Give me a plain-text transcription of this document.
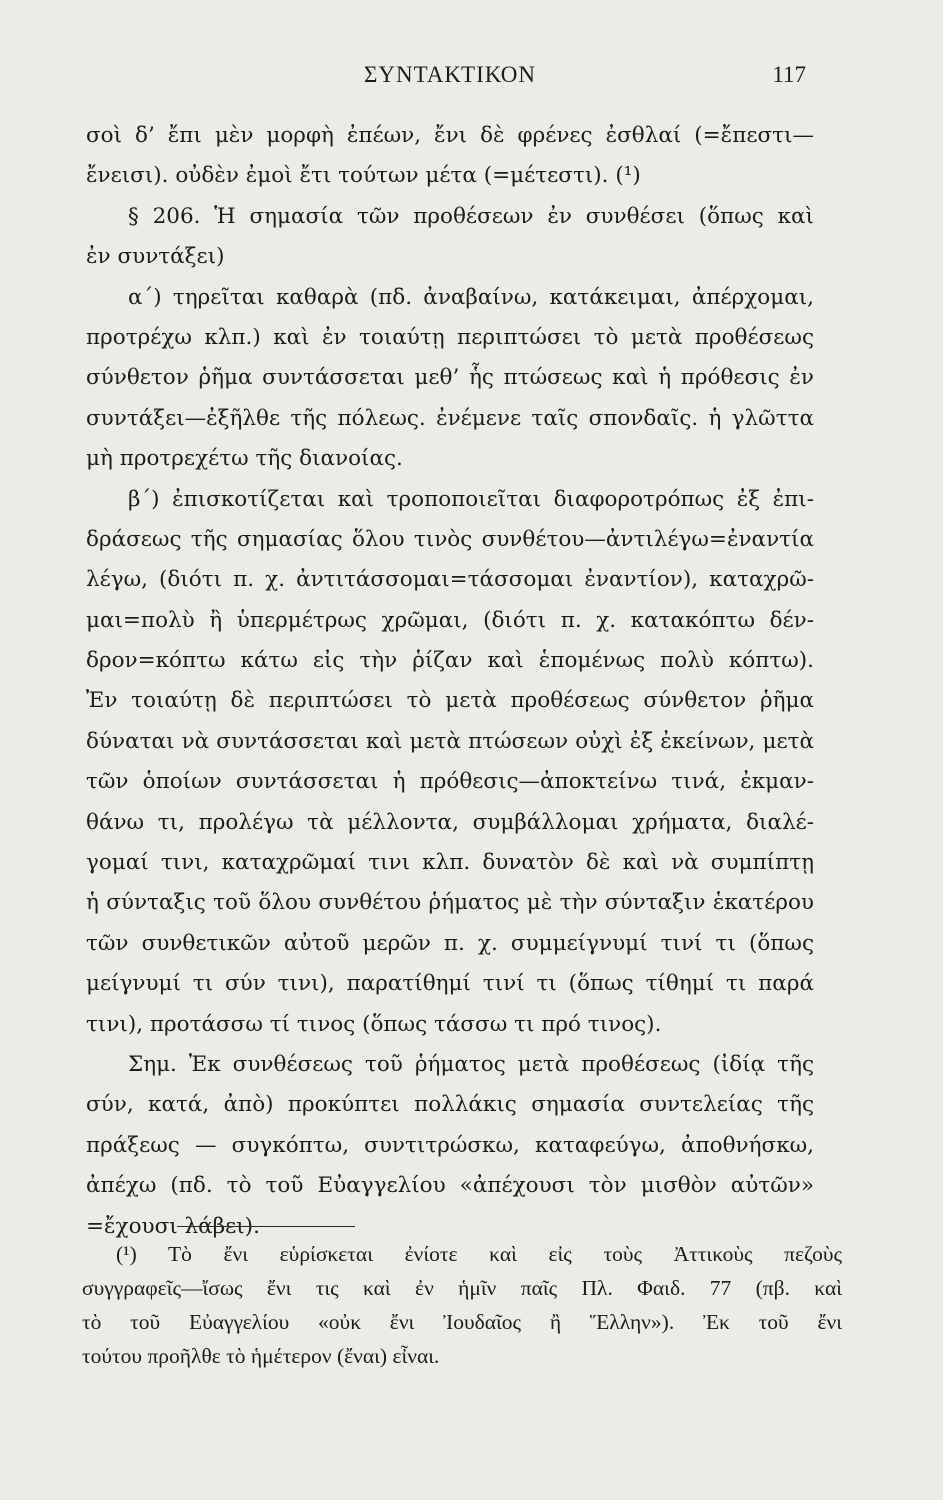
ΣΥΝΤΑΚΤΙΚΟΝ	117
σοὶ δ’ ἔπι μὲν μορφὴ ἐπέων, ἔνι δὲ φρένες ἐσθλαί (=ἔπεστι—
ἔνεισι). οὐδὲν ἐμοὶ ἔτι τούτων μέτα (=μέτεστι). (¹)
§ 206. Ἡ σημασία τῶν προθέσεων ἐν συνθέσει (ὅπως καὶ
ἐν συντάξει)
α΄) τηρεῖται καθαρὰ (πδ. ἀναβαίνω, κατάκειμαι, ἀπέρχομαι,
προτρέχω κλπ.) καὶ ἐν τοιαύτῃ περιπτώσει τὸ μετὰ προθέσεως
σύνθετον ῥῆμα συντάσσεται μεθ’ ἧς πτώσεως καὶ ἡ πρόθεσις ἐν
συντάξει—ἐξῆλθε τῆς πόλεως. ἐνέμενε ταῖς σπονδαῖς. ἡ γλῶττα
μὴ προτρεχέτω τῆς διανοίας.
β΄) ἐπισκοτίζεται καὶ τροποποιεῖται διαφοροτρόπως ἐξ ἐπι-
δράσεως τῆς σημασίας ὅλου τινὸς συνθέτου—ἀντιλέγω=ἐναντία
λέγω, (διότι π. χ. ἀντιτάσσομαι=τάσσομαι ἐναντίον), καταχρῶ-
μαι=πολὺ ἢ ὑπερμέτρως χρῶμαι, (διότι π. χ. κατακόπτω δέν-
δρον=κόπτω κάτω εἰς τὴν ῥίζαν καὶ ἑπομένως πολὺ κόπτω).
Ἐν τοιαύτῃ δὲ περιπτώσει τὸ μετὰ προθέσεως σύνθετον ῥῆμα
δύναται νὰ συντάσσεται καὶ μετὰ πτώσεων οὐχὶ ἐξ ἐκείνων, μετὰ
τῶν ὁποίων συντάσσεται ἡ πρόθεσις—ἀποκτείνω τινά, ἐκμαν-
θάνω τι, προλέγω τὰ μέλλοντα, συμβάλλομαι χρήματα, διαλέ-
γομαί τινι, καταχρῶμαί τινι κλπ. δυνατὸν δὲ καὶ νὰ συμπίπτῃ
ἡ σύνταξις τοῦ ὅλου συνθέτου ῥήματος μὲ τὴν σύνταξιν ἑκατέρου
τῶν συνθετικῶν αὐτοῦ μερῶν π. χ. συμμείγνυμί τινί τι (ὅπως
μείγνυμί τι σύν τινι), παρατίθημί τινί τι (ὅπως τίθημί τι παρά
τινι), προτάσσω τί τινος (ὅπως τάσσω τι πρό τινος).
Σημ. Ἐκ συνθέσεως τοῦ ῥήματος μετὰ προθέσεως (ἰδίᾳ τῆς
σύν, κατά, ἀπὸ) προκύπτει πολλάκις σημασία συντελείας τῆς
πράξεως — συγκόπτω, συντιτρώσκω, καταφεύγω, ἀποθνήσκω,
ἀπέχω (πδ. τὸ τοῦ Εὐαγγελίου «ἀπέχουσι τὸν μισθὸν αὐτῶν»
=ἔχουσι λάβει).
(¹) Τὸ ἔνι εὑρίσκεται ἐνίοτε καὶ εἰς τοὺς Ἀττικοὺς πεζοὺς
συγγραφεῖς—ἴσως ἔνι τις καὶ ἐν ἡμῖν παῖς Πλ. Φαιδ. 77 (πβ. καὶ
τὸ τοῦ Εὐαγγελίου «οὐκ ἔνι Ἰουδαῖος ἢ Ἕλλην»). Ἐκ τοῦ ἔνι
τούτου προῆλθε τὸ ἡμέτερον (ἔναι) εἶναι.
